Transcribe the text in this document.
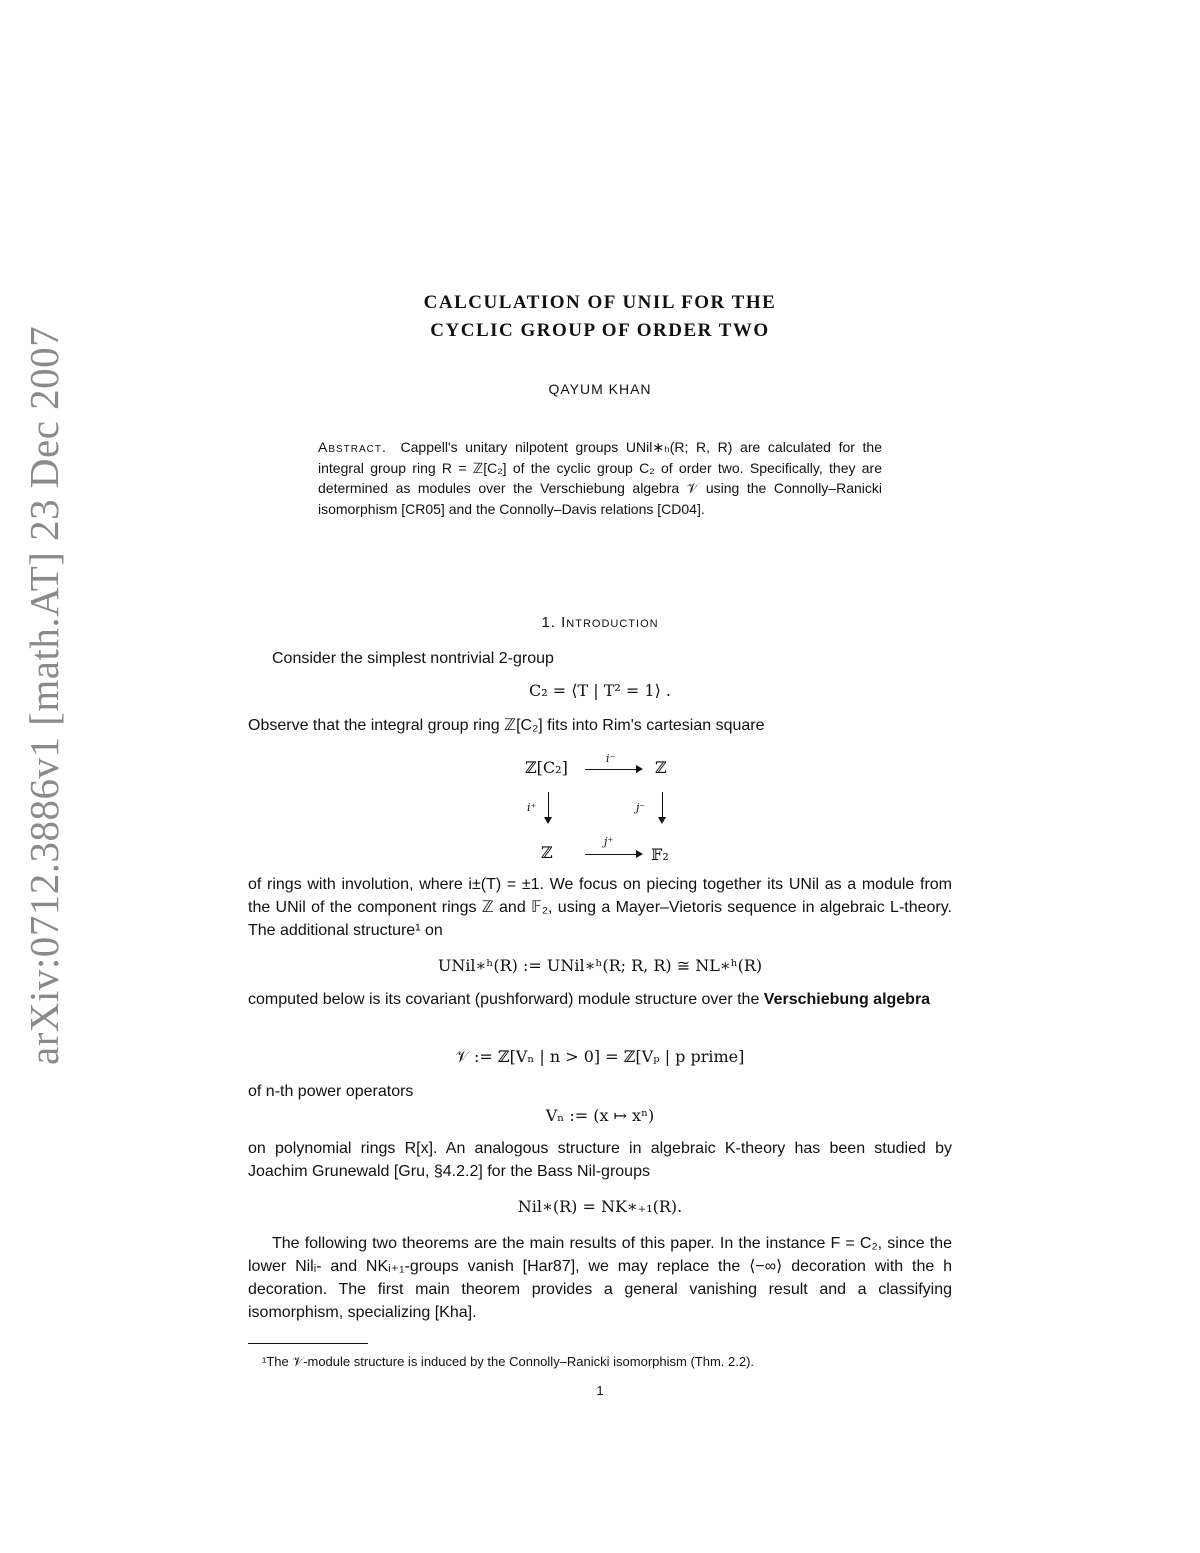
arXiv:0712.3886v1 [math.AT] 23 Dec 2007
CALCULATION OF UNIL FOR THE
CYCLIC GROUP OF ORDER TWO
QAYUM KHAN
Abstract. Cappell's unitary nilpotent groups UNil∗ₕ(R; R, R) are calculated for the integral group ring R = ℤ[C₂] of the cyclic group C₂ of order two. Specifically, they are determined as modules over the Verschiebung algebra 𝒱 using the Connolly–Ranicki isomorphism [CR05] and the Connolly–Davis relations [CD04].
1. Introduction
Consider the simplest nontrivial 2-group
C₂ = ⟨T | T² = 1⟩ .
Observe that the integral group ring ℤ[C₂] fits into Rim's cartesian square
ℤ[C₂]	ℤ
ℤ	𝔽₂
i⁻
j⁺
i⁺	j⁻
of rings with involution, where i±(T) = ±1. We focus on piecing together its UNil as a module from the UNil of the component rings ℤ and 𝔽₂, using a Mayer–Vietoris sequence in algebraic L-theory. The additional structure¹ on
UNil∗ʰ(R) := UNil∗ʰ(R; R, R) ≅ NL∗ʰ(R)
computed below is its covariant (pushforward) module structure over the Verschiebung algebra
𝒱 := ℤ[Vₙ | n > 0] = ℤ[Vₚ | p prime]
of n-th power operators
Vₙ := (x ↦ xⁿ)
on polynomial rings R[x]. An analogous structure in algebraic K-theory has been studied by Joachim Grunewald [Gru, §4.2.2] for the Bass Nil-groups
Nil∗(R) = NK∗₊₁(R).
The following two theorems are the main results of this paper. In the instance F = C₂, since the lower Nilᵢ- and NKᵢ₊₁-groups vanish [Har87], we may replace the ⟨−∞⟩ decoration with the h decoration. The first main theorem provides a general vanishing result and a classifying isomorphism, specializing [Kha].
¹The 𝒱-module structure is induced by the Connolly–Ranicki isomorphism (Thm. 2.2).
1
